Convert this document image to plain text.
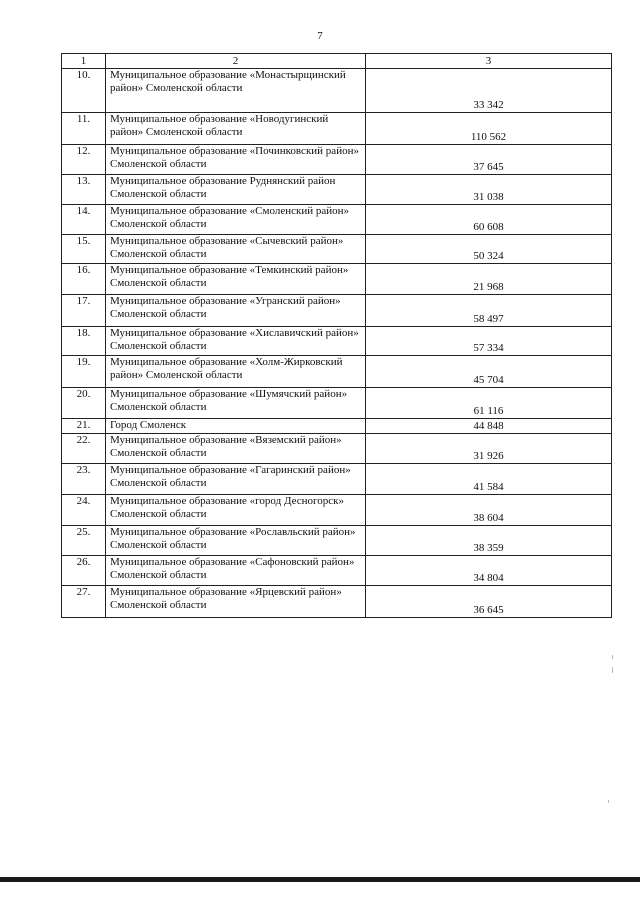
7
1	2	3
10.	Муниципальное образование «Монастырщинский район» Смоленской области	33 342
11.	Муниципальное образование «Новодугинский район» Смоленской области	110 562
12.	Муниципальное образование «Починковский район» Смоленской области	37 645
13.	Муниципальное образование Руднянский район Смоленской области	31 038
14.	Муниципальное образование «Смоленский район» Смоленской области	60 608
15.	Муниципальное образование «Сычевский район» Смоленской области	50 324
16.	Муниципальное образование «Темкинский район» Смоленской области	21 968
17.	Муниципальное образование «Угранский район» Смоленской области	58 497
18.	Муниципальное образование «Хиславичский район» Смоленской области	57 334
19.	Муниципальное образование «Холм-Жирковский район» Смоленской области	45 704
20.	Муниципальное образование «Шумячский район» Смоленской области	61 116
21.	Город Смоленск	44 848
22.	Муниципальное образование «Вяземский район» Смоленской области	31 926
23.	Муниципальное образование «Гагаринский район» Смоленской области	41 584
24.	Муниципальное образование «город Десногорск» Смоленской области	38 604
25.	Муниципальное образование «Рославльский район» Смоленской области	38 359
26.	Муниципальное образование «Сафоновский район» Смоленской области	34 804
27.	Муниципальное образование «Ярцевский район» Смоленской области	36 645
